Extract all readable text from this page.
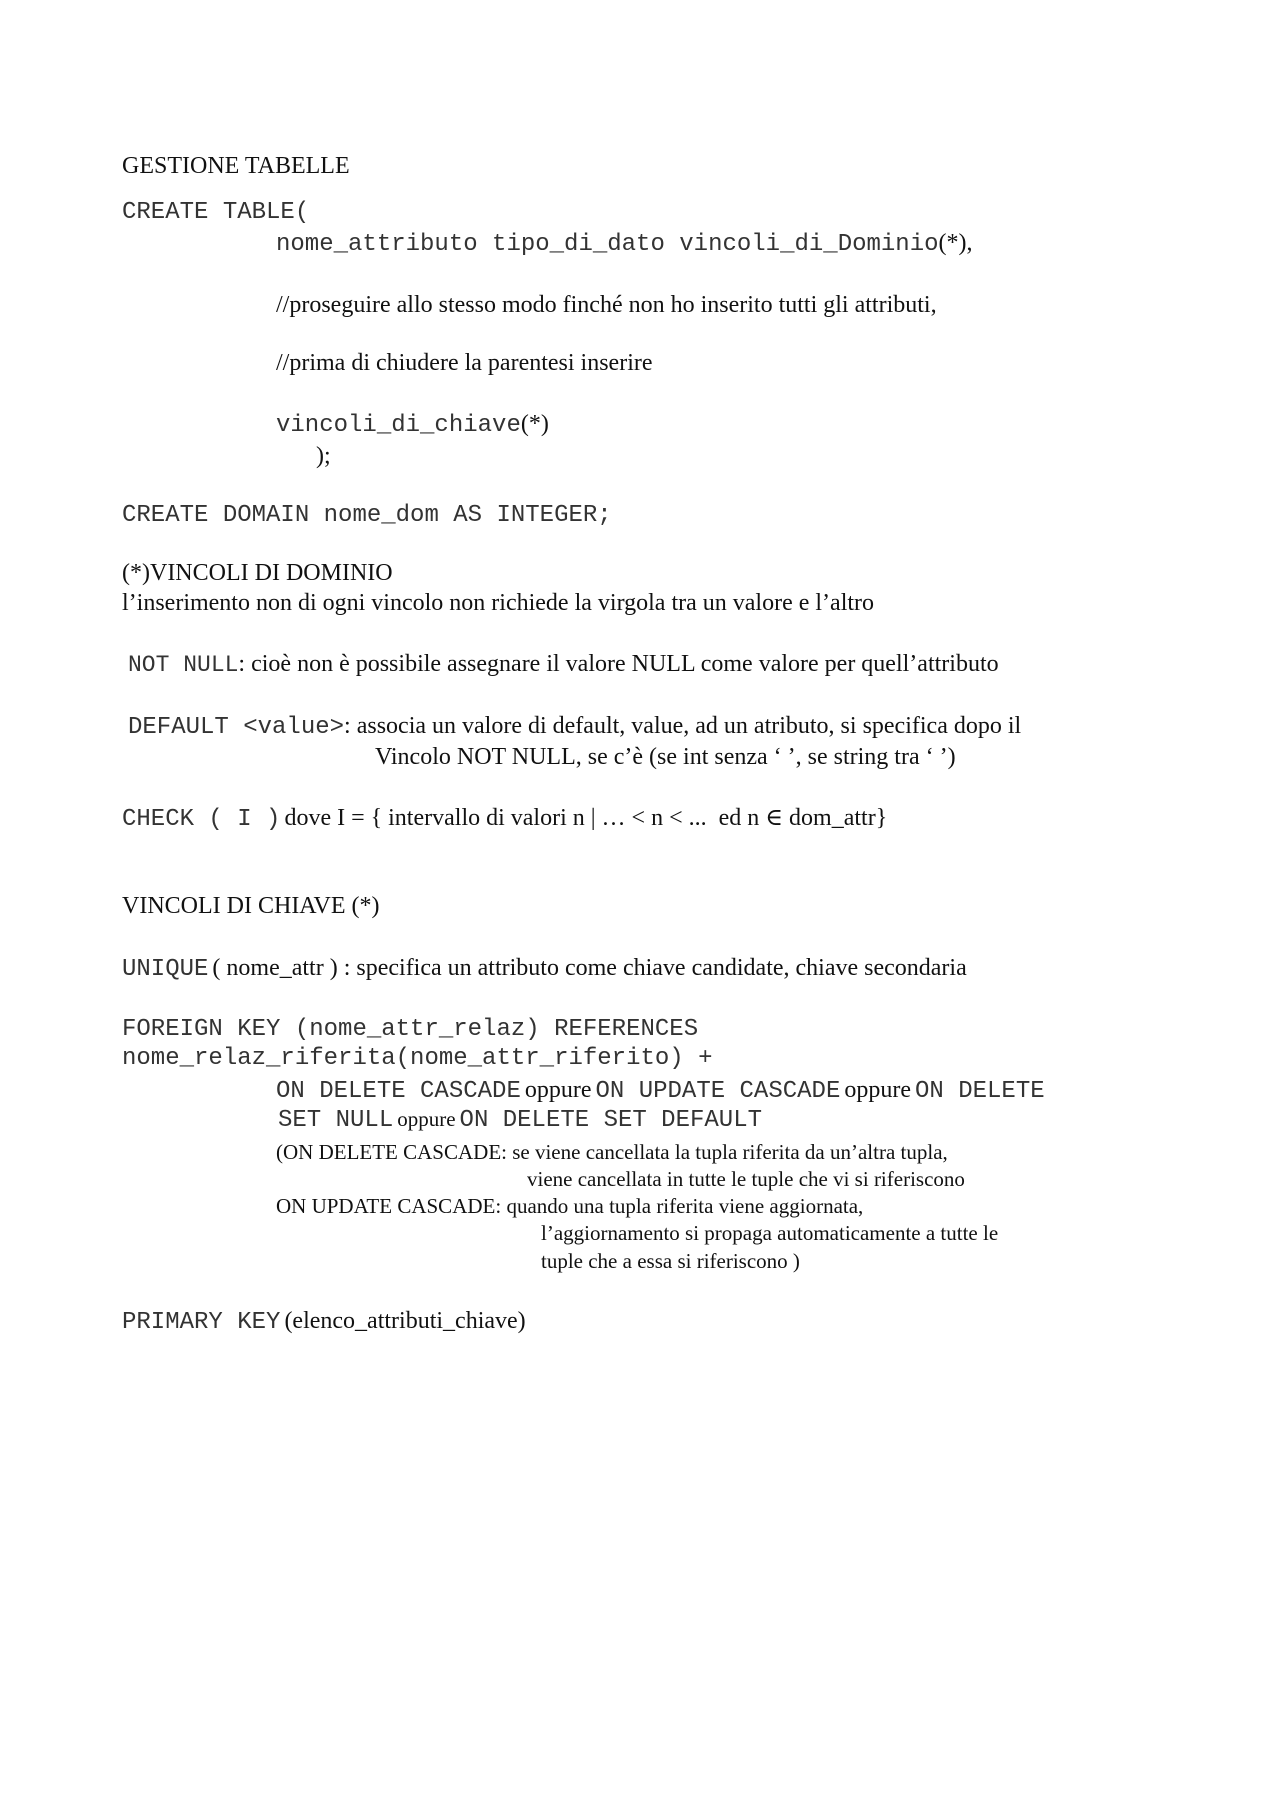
GESTIONE TABELLE
CREATE TABLE(
nome_attributo tipo_di_dato vincoli_di_Dominio(*),
//proseguire allo stesso modo finché non ho inserito tutti gli attributi,
//prima di chiudere la parentesi inserire
vincoli_di_chiave(*)
);
CREATE DOMAIN nome_dom AS INTEGER;
(*)VINCOLI DI DOMINIO
l’inserimento non di ogni vincolo non richiede la virgola tra un valore e l’altro
NOT NULL: cioè non è possibile assegnare il valore NULL come valore per quell’attributo
DEFAULT <value>: associa un valore di default, value, ad un atributo, si specifica dopo il
Vincolo NOT NULL, se c’è (se int senza ‘ ’, se string tra ‘ ’)
CHECK ( I ) dove I = { intervallo di valori n | … < n < ...  ed n ∈ dom_attr}
VINCOLI DI CHIAVE (*)
UNIQUE ( nome_attr ) : specifica un attributo come chiave candidate, chiave secondaria
FOREIGN KEY (nome_attr_relaz) REFERENCES
nome_relaz_riferita(nome_attr_riferito) +
ON DELETE CASCADE oppure ON UPDATE CASCADE oppure ON DELETE
SET NULL oppure ON DELETE SET DEFAULT
(ON DELETE CASCADE: se viene cancellata la tupla riferita da un’altra tupla,
viene cancellata in tutte le tuple che vi si riferiscono
ON UPDATE CASCADE: quando una tupla riferita viene aggiornata,
l’aggiornamento si propaga automaticamente a tutte le
tuple che a essa si riferiscono )
PRIMARY KEY (elenco_attributi_chiave)
